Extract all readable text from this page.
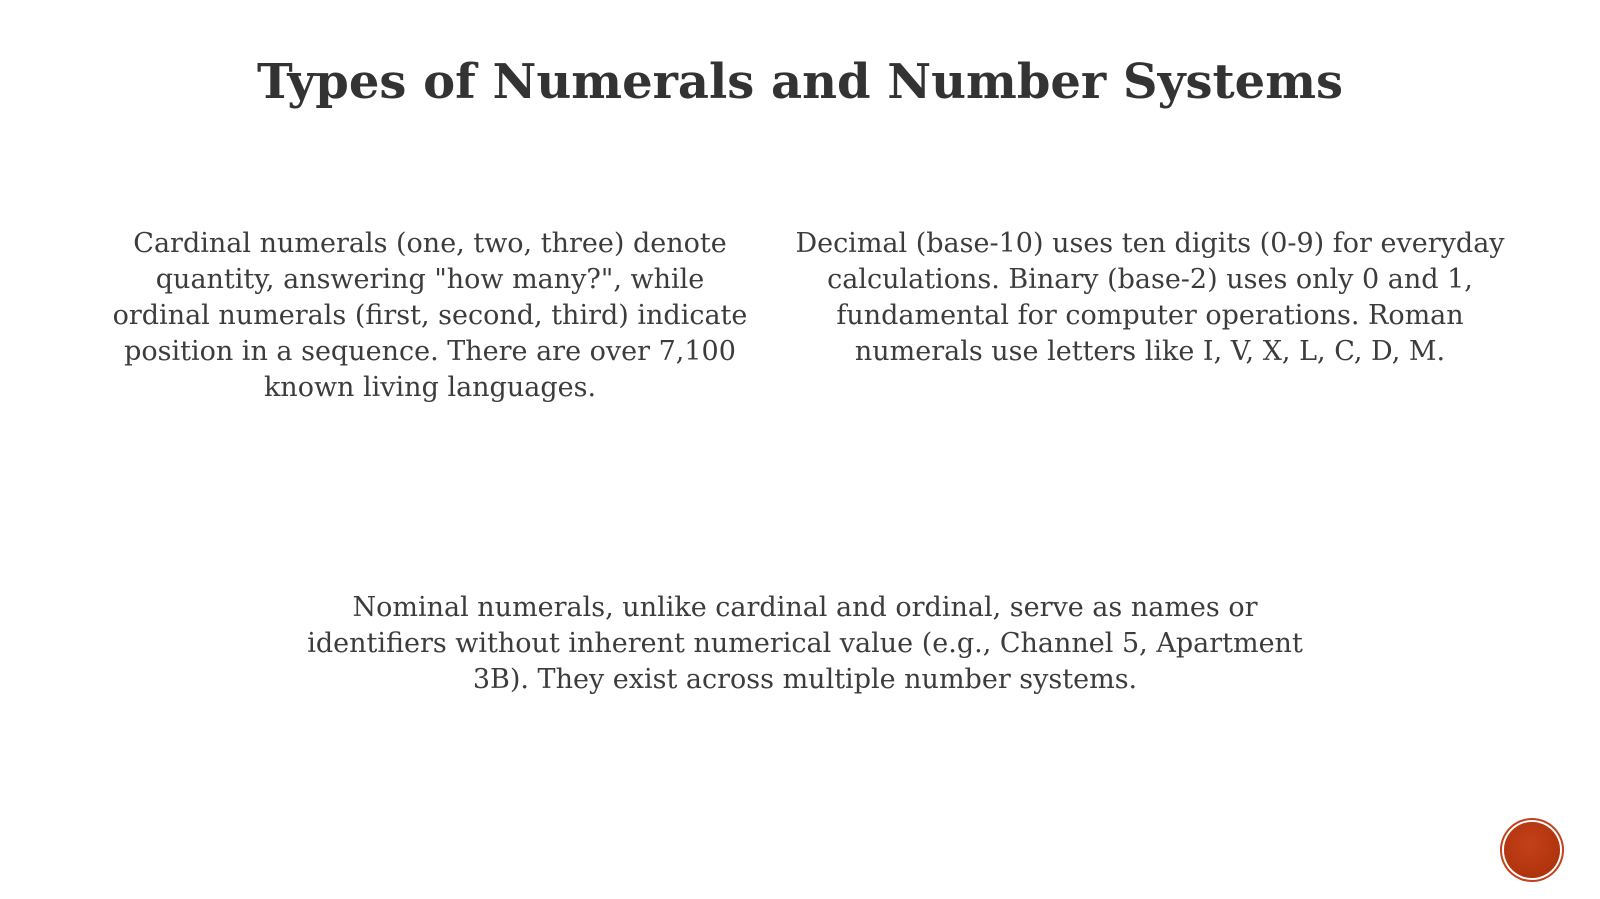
Types of Numerals and Number Systems

Cardinal numerals (one, two, three) denote quantity, answering "how many?", while ordinal numerals (first, second, third) indicate position in a sequence. There are over 7,100 known living languages.

Decimal (base-10) uses ten digits (0-9) for everyday calculations. Binary (base-2) uses only 0 and 1, fundamental for computer operations. Roman numerals use letters like I, V, X, L, C, D, M.

Nominal numerals, unlike cardinal and ordinal, serve as names or identifiers without inherent numerical value (e.g., Channel 5, Apartment 3B). They exist across multiple number systems.
